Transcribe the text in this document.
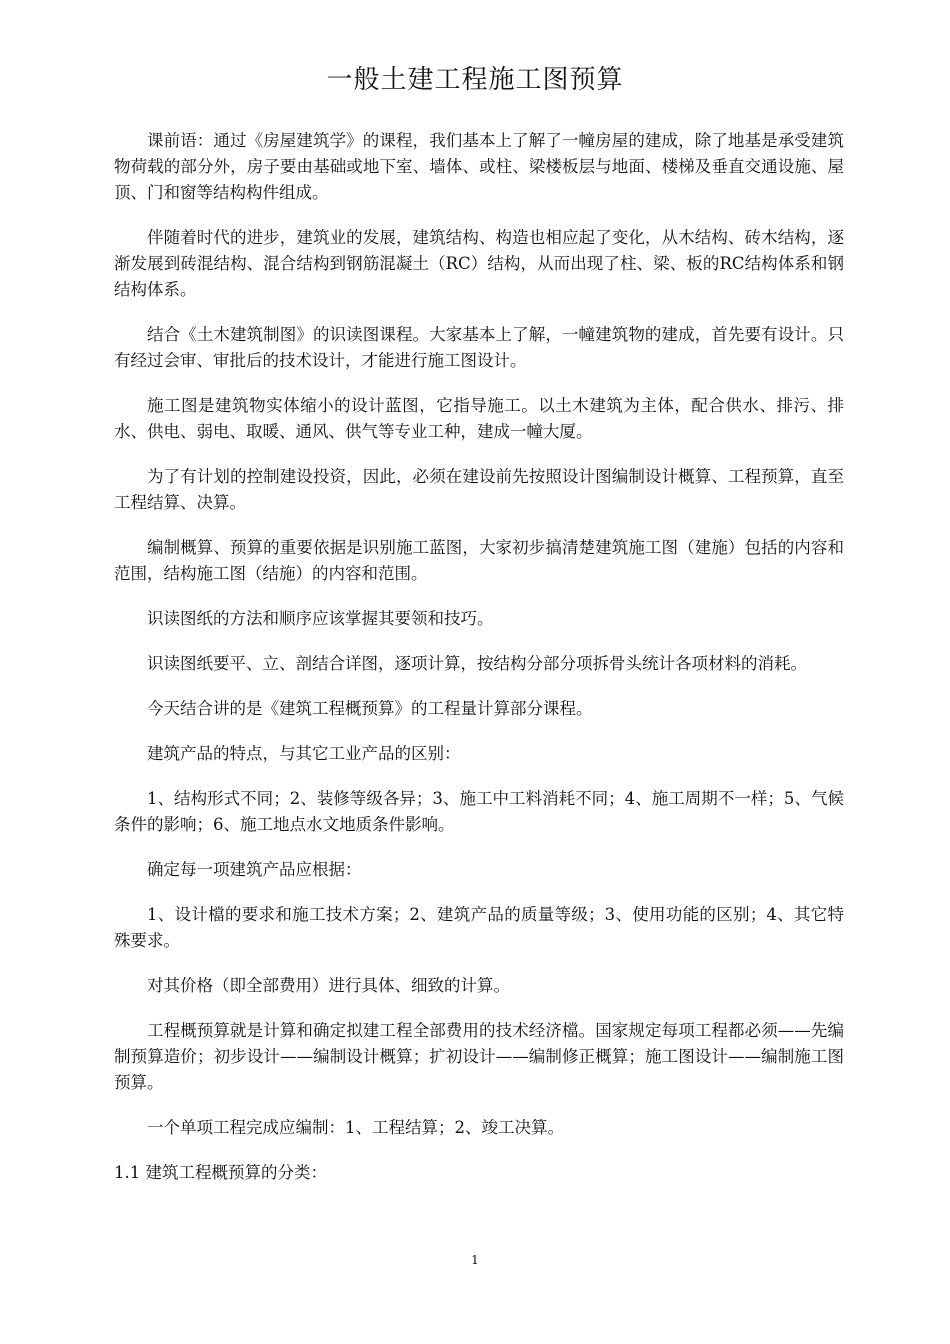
一般土建工程施工图预算

课前语：通过《房屋建筑学》的课程，我们基本上了解了一幢房屋的建成，除了地基是承受建筑物荷载的部分外，房子要由基础或地下室、墙体、或柱、梁楼板层与地面、楼梯及垂直交通设施、屋顶、门和窗等结构构件组成。

伴随着时代的进步，建筑业的发展，建筑结构、构造也相应起了变化，从木结构、砖木结构，逐渐发展到砖混结构、混合结构到钢筋混凝土（RC）结构，从而出现了柱、梁、板的RC结构体系和钢结构体系。

结合《土木建筑制图》的识读图课程。大家基本上了解，一幢建筑物的建成，首先要有设计。只有经过会审、审批后的技术设计，才能进行施工图设计。

施工图是建筑物实体缩小的设计蓝图，它指导施工。以土木建筑为主体，配合供水、排污、排水、供电、弱电、取暖、通风、供气等专业工种，建成一幢大厦。

为了有计划的控制建设投资，因此，必须在建设前先按照设计图编制设计概算、工程预算，直至工程结算、决算。

编制概算、预算的重要依据是识别施工蓝图，大家初步搞清楚建筑施工图（建施）包括的内容和范围，结构施工图（结施）的内容和范围。

识读图纸的方法和顺序应该掌握其要领和技巧。

识读图纸要平、立、剖结合详图，逐项计算，按结构分部分项拆骨头统计各项材料的消耗。

今天结合讲的是《建筑工程概预算》的工程量计算部分课程。

建筑产品的特点，与其它工业产品的区别：

1、结构形式不同；2、装修等级各异；3、施工中工料消耗不同；4、施工周期不一样；5、气候条件的影响；6、施工地点水文地质条件影响。

确定每一项建筑产品应根据：

1、设计檔的要求和施工技术方案；2、建筑产品的质量等级；3、使用功能的区别；4、其它特殊要求。

对其价格（即全部费用）进行具体、细致的计算。

工程概预算就是计算和确定拟建工程全部费用的技术经济檔。国家规定每项工程都必须——先编制预算造价；初步设计——编制设计概算；扩初设计——编制修正概算；施工图设计——编制施工图预算。

一个单项工程完成应编制：1、工程结算；2、竣工决算。

1.1 建筑工程概预算的分类：

1
